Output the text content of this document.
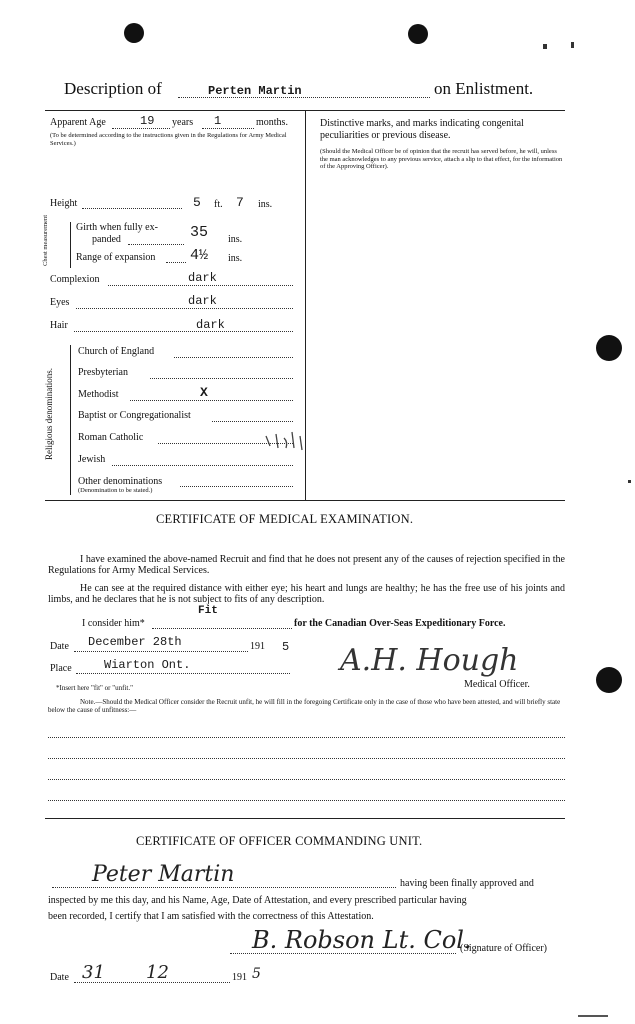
Description of	Perten Martin	on Enlistment.
Apparent Age	19 years 1	months.
(To be determined according to the instructions given in the Regulations for Army Medical Services.)
Height	5 ft. 7 ins.
Chest measurement	Girth when fully ex-
panded	35 ins.
Range of expansion 4½ ins.
Complexion	dark
Eyes	dark
Hair	dark
Religious denominations.
Church of England
Presbyterian
Methodist	X
Baptist or Congregationalist
Roman Catholic
Jewish
Other denominations
(Denomination to be stated.)
Distinctive marks, and marks indicating congenital
peculiarities or previous disease.
(Should the Medical Officer be of opinion that the recruit has served before, he will, unless the man acknowledges to any previous service, attach a slip to that effect, for the information of the Approving Officer).
CERTIFICATE OF MEDICAL EXAMINATION.
I have examined the above-named Recruit and find that he does not present any of the causes of rejection specified in the Regulations for Army Medical Services.
He can see at the required distance with either eye; his heart and lungs are healthy; he has the free use of his joints and limbs, and he declares that he is not subject to fits of any description.
I consider him*
Fit
for the Canadian Over-Seas Expeditionary Force.
Date December 28th	191 5
Place	Wiarton Ont.
*Insert here "fit" or "unfit."
A.H. Hough
Medical Officer.
Note.—Should the Medical Officer consider the Recruit unfit, he will fill in the foregoing Certificate only in the case of those who have been attested, and will briefly state below the cause of unfitness:—
CERTIFICATE OF OFFICER COMMANDING UNIT.
Peter Martin	having been finally approved and
inspected by me this day, and his Name, Age, Date of Attestation, and every prescribed particular having
been recorded, I certify that I am satisfied with the correctness of this Attestation.
B. Robson Lt. Col.
(Signature of Officer)
Date 31 12	191 5
